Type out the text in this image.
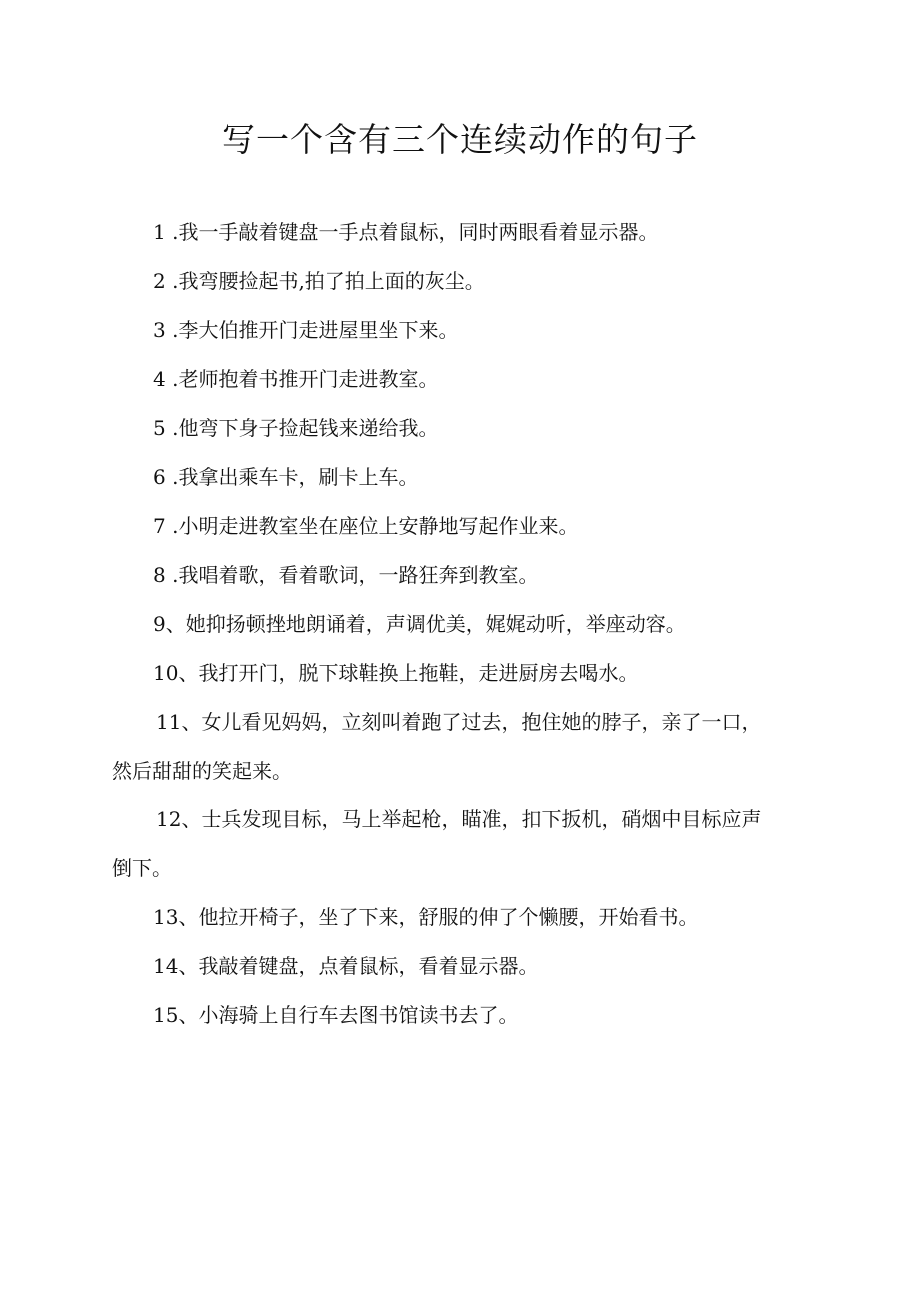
写一个含有三个连续动作的句子
1 .我一手敲着键盘一手点着鼠标，同时两眼看着显示器。
2 .我弯腰捡起书,拍了拍上面的灰尘。
3 .李大伯推开门走进屋里坐下来。
4 .老师抱着书推开门走进教室。
5 .他弯下身子捡起钱来递给我。
6 .我拿出乘车卡，刷卡上车。
7 .小明走进教室坐在座位上安静地写起作业来。
8 .我唱着歌，看着歌词，一路狂奔到教室。
9、她抑扬顿挫地朗诵着，声调优美，娓娓动听，举座动容。
10、我打开门，脱下球鞋换上拖鞋，走进厨房去喝水。
11、女儿看见妈妈，立刻叫着跑了过去，抱住她的脖子，亲了一口，
然后甜甜的笑起来。
12、士兵发现目标，马上举起枪，瞄准，扣下扳机，硝烟中目标应声
倒下。
13、他拉开椅子，坐了下来，舒服的伸了个懒腰，开始看书。
14、我敲着键盘，点着鼠标，看着显示器。
15、小海骑上自行车去图书馆读书去了。
